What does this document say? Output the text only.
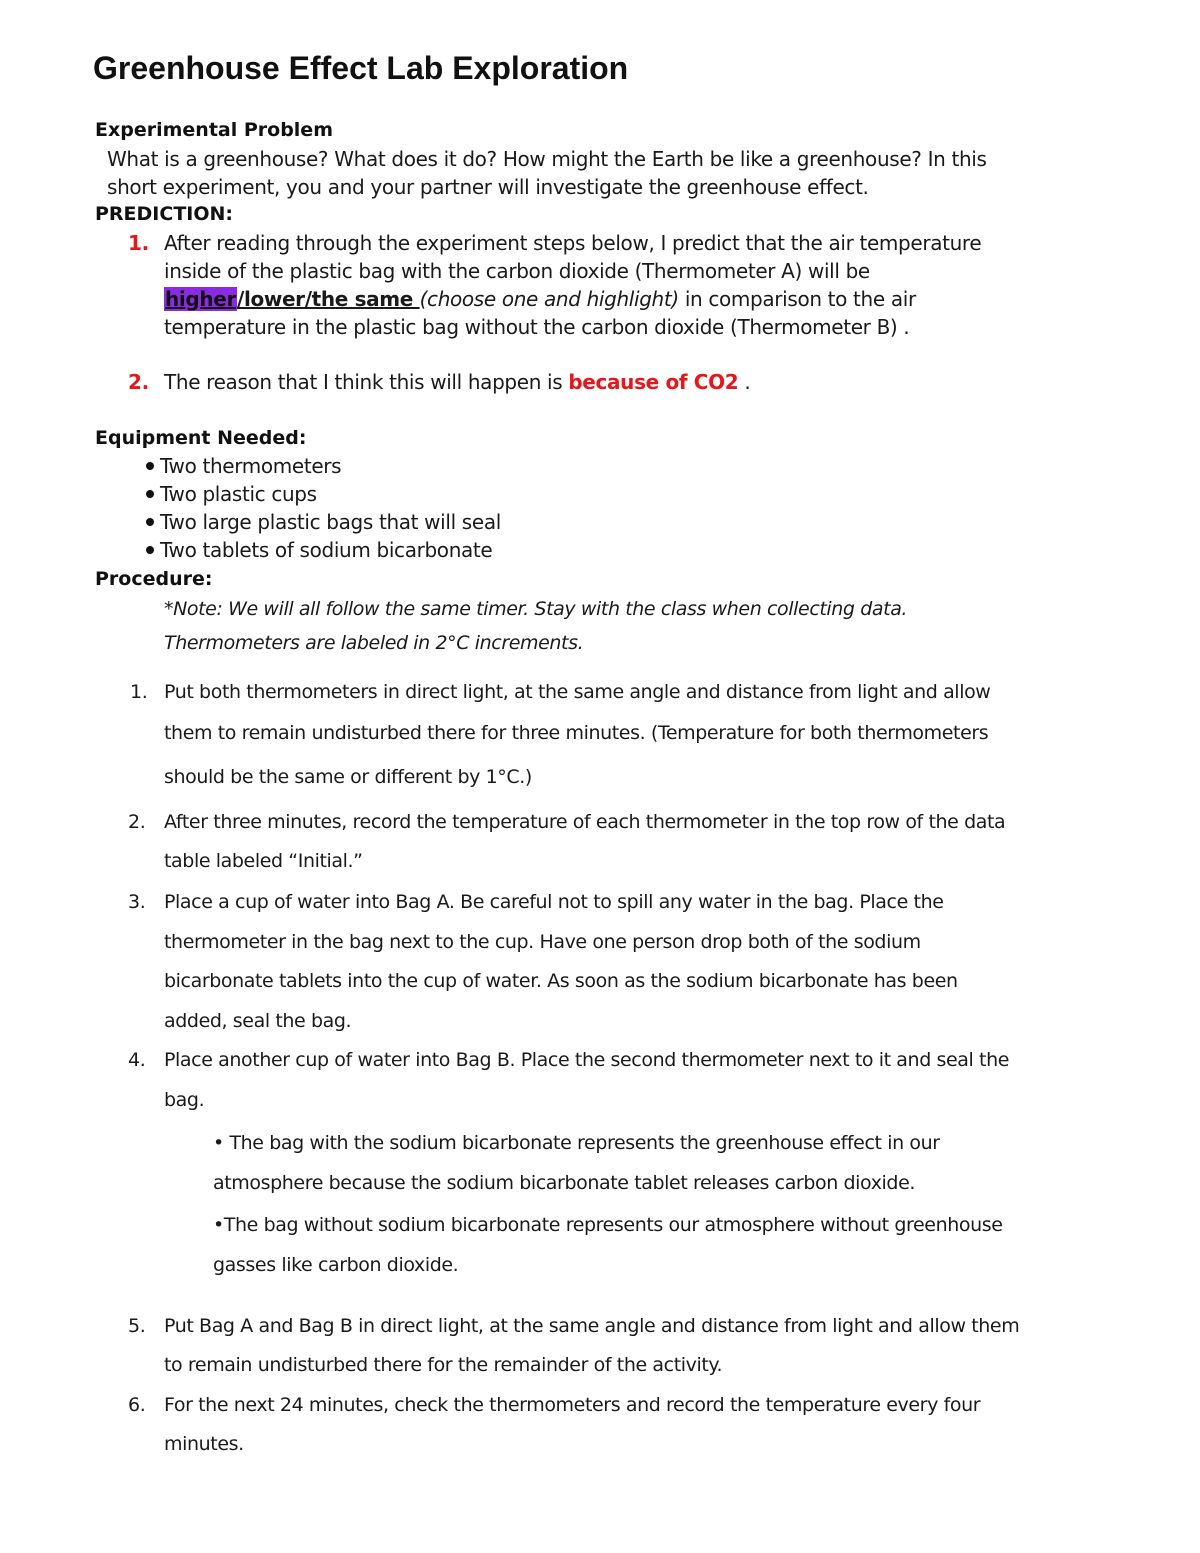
Greenhouse Effect Lab Exploration
Experimental Problem
What is a greenhouse? What does it do? How might the Earth be like a greenhouse? In this
short experiment, you and your partner will investigate the greenhouse effect.
PREDICTION:
1. After reading through the experiment steps below, I predict that the air temperature
inside of the plastic bag with the carbon dioxide (Thermometer A) will be
higher/lower/the same (choose one and highlight) in comparison to the air
temperature in the plastic bag without the carbon dioxide (Thermometer B) .
2. The reason that I think this will happen is because of CO2 .
Equipment Needed:
Two thermometers
Two plastic cups
Two large plastic bags that will seal
Two tablets of sodium bicarbonate
Procedure:
*Note: We will all follow the same timer. Stay with the class when collecting data.
Thermometers are labeled in 2°C increments.
1. Put both thermometers in direct light, at the same angle and distance from light and allow
them to remain undisturbed there for three minutes. (Temperature for both thermometers
should be the same or different by 1°C.)
2. After three minutes, record the temperature of each thermometer in the top row of the data
table labeled “Initial.”
3. Place a cup of water into Bag A. Be careful not to spill any water in the bag. Place the
thermometer in the bag next to the cup. Have one person drop both of the sodium
bicarbonate tablets into the cup of water. As soon as the sodium bicarbonate has been
added, seal the bag.
4. Place another cup of water into Bag B. Place the second thermometer next to it and seal the
bag.
• The bag with the sodium bicarbonate represents the greenhouse effect in our
atmosphere because the sodium bicarbonate tablet releases carbon dioxide.
•The bag without sodium bicarbonate represents our atmosphere without greenhouse
gasses like carbon dioxide.
5. Put Bag A and Bag B in direct light, at the same angle and distance from light and allow them
to remain undisturbed there for the remainder of the activity.
6. For the next 24 minutes, check the thermometers and record the temperature every four
minutes.
